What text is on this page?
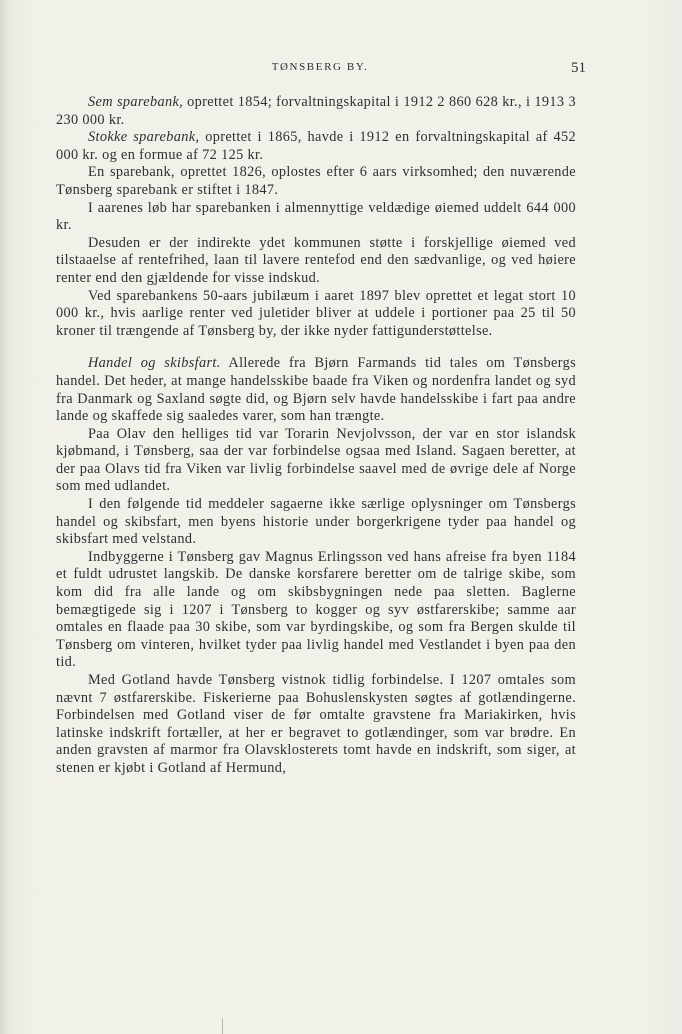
TØNSBERG BY.	51

Sem sparebank, oprettet 1854; forvaltningskapital i 1912 2 860 628 kr., i 1913 3 230 000 kr.

Stokke sparebank, oprettet i 1865, havde i 1912 en forvaltningskapital af 452 000 kr. og en formue af 72 125 kr.

En sparebank, oprettet 1826, oplostes efter 6 aars virksomhed; den nuværende Tønsberg sparebank er stiftet i 1847.

I aarenes løb har sparebanken i almennyttige veldædige øiemed uddelt 644 000 kr.

Desuden er der indirekte ydet kommunen støtte i forskjellige øiemed ved tilstaaelse af rentefrihed, laan til lavere rentefod end den sædvanlige, og ved høiere renter end den gjældende for visse indskud.

Ved sparebankens 50-aars jubilæum i aaret 1897 blev oprettet et legat stort 10 000 kr., hvis aarlige renter ved juletider bliver at uddele i portioner paa 25 til 50 kroner til trængende af Tønsberg by, der ikke nyder fattigunderstøttelse.

Handel og skibsfart. Allerede fra Bjørn Farmands tid tales om Tønsbergs handel. Det heder, at mange handelsskibe baade fra Viken og nordenfra landet og syd fra Danmark og Saxland søgte did, og Bjørn selv havde handelsskibe i fart paa andre lande og skaffede sig saaledes varer, som han trængte.

Paa Olav den helliges tid var Torarin Nevjolvsson, der var en stor islandsk kjøbmand, i Tønsberg, saa der var forbindelse ogsaa med Island. Sagaen beretter, at der paa Olavs tid fra Viken var livlig forbindelse saavel med de øvrige dele af Norge som med udlandet.

I den følgende tid meddeler sagaerne ikke særlige oplysninger om Tønsbergs handel og skibsfart, men byens historie under borgerkrigene tyder paa handel og skibsfart med velstand.

Indbyggerne i Tønsberg gav Magnus Erlingsson ved hans afreise fra byen 1184 et fuldt udrustet langskib. De danske korsfarere beretter om de talrige skibe, som kom did fra alle lande og om skibsbygningen nede paa sletten. Baglerne bemægtigede sig i 1207 i Tønsberg to kogger og syv østfarerskibe; samme aar omtales en flaade paa 30 skibe, som var byrdingskibe, og som fra Bergen skulde til Tønsberg om vinteren, hvilket tyder paa livlig handel med Vestlandet i byen paa den tid.

Med Gotland havde Tønsberg vistnok tidlig forbindelse. I 1207 omtales som nævnt 7 østfarerskibe. Fiskerierne paa Bohuslenskysten søgtes af gotlændingerne. Forbindelsen med Gotland viser de før omtalte gravstene fra Mariakirken, hvis latinske indskrift fortæller, at her er begravet to gotlændinger, som var brødre. En anden gravsten af marmor fra Olavsklosterets tomt havde en indskrift, som siger, at stenen er kjøbt i Gotland af Hermund,
